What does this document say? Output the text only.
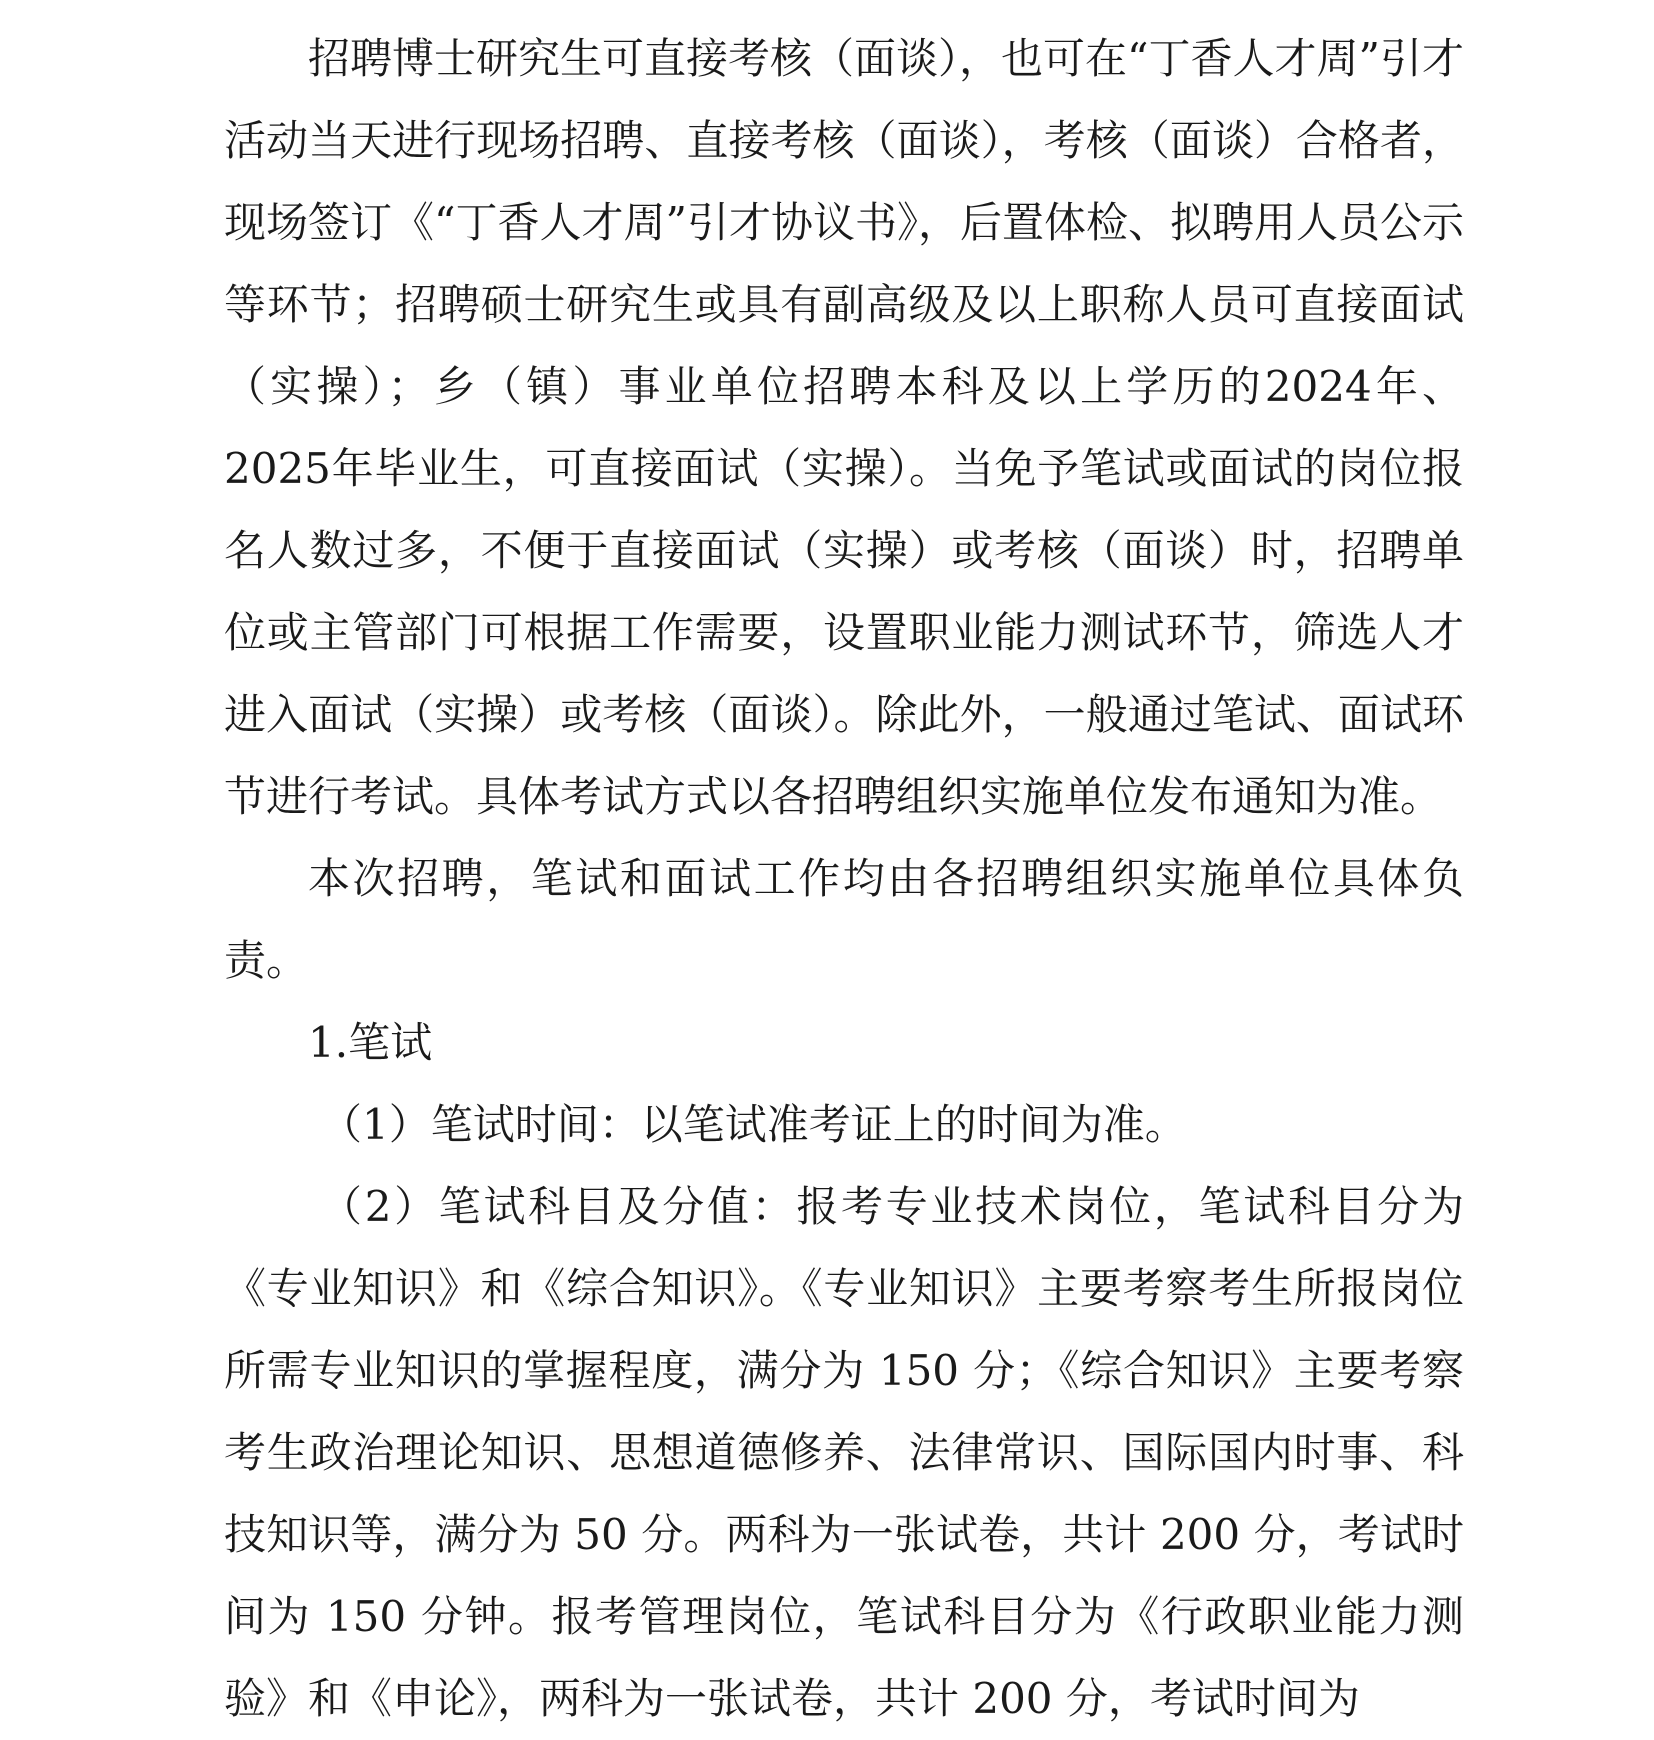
招聘博士研究生可直接考核（面谈），也可在“丁香人才周”引才活动当天进行现场招聘、直接考核（面谈），考核（面谈）合格者，现场签订《“丁香人才周”引才协议书》，后置体检、拟聘用人员公示等环节；招聘硕士研究生或具有副高级及以上职称人员可直接面试（实操）；乡（镇）事业单位招聘本科及以上学历的2024年、2025年毕业生，可直接面试（实操）。当免予笔试或面试的岗位报名人数过多，不便于直接面试（实操）或考核（面谈）时，招聘单位或主管部门可根据工作需要，设置职业能力测试环节，筛选人才进入面试（实操）或考核（面谈）。除此外，一般通过笔试、面试环节进行考试。具体考试方式以各招聘组织实施单位发布通知为准。

本次招聘，笔试和面试工作均由各招聘组织实施单位具体负责。

1.笔试

（1）笔试时间：以笔试准考证上的时间为准。

（2）笔试科目及分值：报考专业技术岗位，笔试科目分为《专业知识》和《综合知识》。《专业知识》主要考察考生所报岗位所需专业知识的掌握程度，满分为 150 分；《综合知识》主要考察考生政治理论知识、思想道德修养、法律常识、国际国内时事、科技知识等，满分为 50 分。两科为一张试卷，共计 200 分，考试时间为 150 分钟。报考管理岗位，笔试科目分为《行政职业能力测验》和《申论》，两科为一张试卷，共计 200 分，考试时间为
